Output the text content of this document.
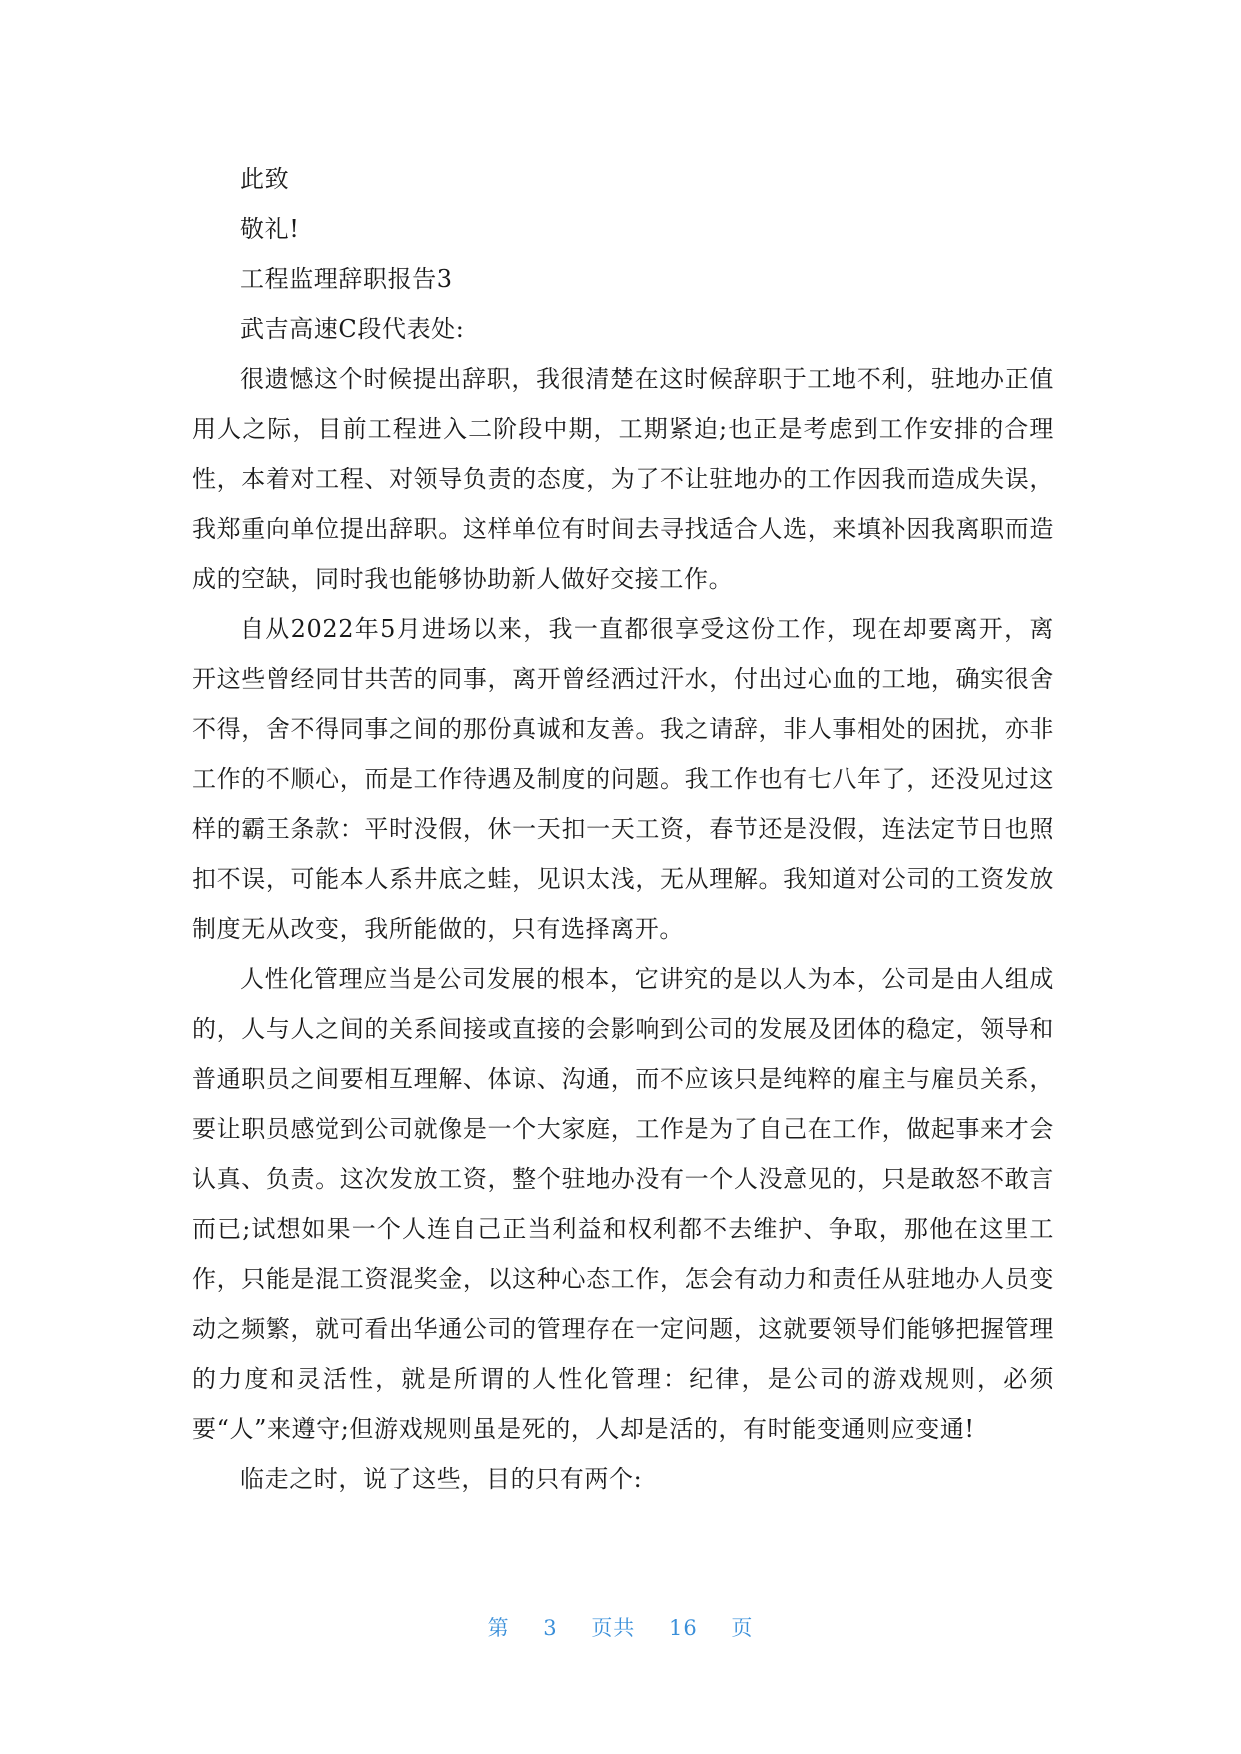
此致

敬礼!

工程监理辞职报告3

武吉高速C段代表处:

很遗憾这个时候提出辞职，我很清楚在这时候辞职于工地不利，驻地办正值用人之际，目前工程进入二阶段中期，工期紧迫;也正是考虑到工作安排的合理性，本着对工程、对领导负责的态度，为了不让驻地办的工作因我而造成失误，我郑重向单位提出辞职。这样单位有时间去寻找适合人选，来填补因我离职而造成的空缺，同时我也能够协助新人做好交接工作。

自从2022年5月进场以来，我一直都很享受这份工作，现在却要离开，离开这些曾经同甘共苦的同事，离开曾经洒过汗水，付出过心血的工地，确实很舍不得，舍不得同事之间的那份真诚和友善。我之请辞，非人事相处的困扰，亦非工作的不顺心，而是工作待遇及制度的问题。我工作也有七八年了，还没见过这样的霸王条款：平时没假，休一天扣一天工资，春节还是没假，连法定节日也照扣不误，可能本人系井底之蛙，见识太浅，无从理解。我知道对公司的工资发放制度无从改变，我所能做的，只有选择离开。

人性化管理应当是公司发展的根本，它讲究的是以人为本，公司是由人组成的，人与人之间的关系间接或直接的会影响到公司的发展及团体的稳定，领导和普通职员之间要相互理解、体谅、沟通，而不应该只是纯粹的雇主与雇员关系，要让职员感觉到公司就像是一个大家庭，工作是为了自己在工作，做起事来才会认真、负责。这次发放工资，整个驻地办没有一个人没意见的，只是敢怒不敢言而已;试想如果一个人连自己正当利益和权利都不去维护、争取，那他在这里工作，只能是混工资混奖金，以这种心态工作，怎会有动力和责任从驻地办人员变动之频繁，就可看出华通公司的管理存在一定问题，这就要领导们能够把握管理的力度和灵活性，就是所谓的人性化管理：纪律，是公司的游戏规则，必须要“人”来遵守;但游戏规则虽是死的，人却是活的，有时能变通则应变通!

临走之时，说了这些，目的只有两个:

第 3 页共 16 页
